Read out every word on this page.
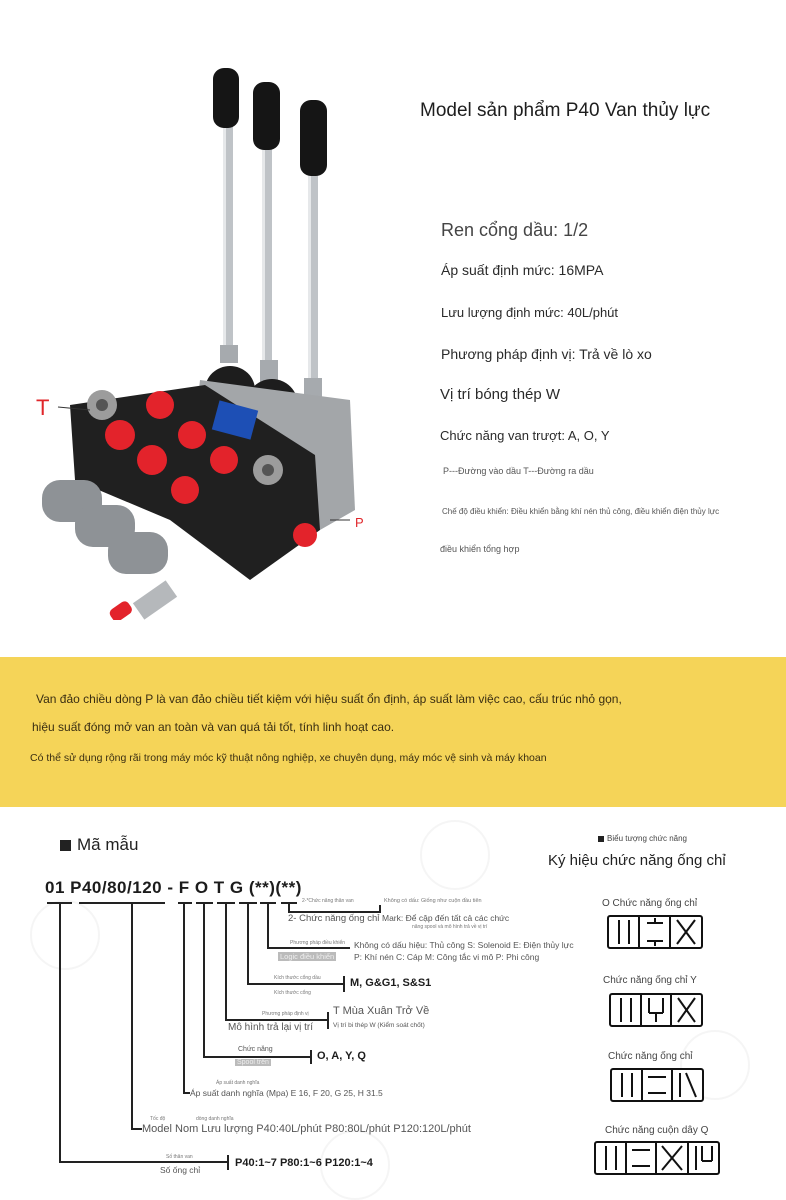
T
P
Model sản phẩm P40 Van thủy lực
Ren cổng dầu: 1/2
Áp suất định mức: 16MPA
Lưu lượng định mức: 40L/phút
Phương pháp định vị: Trả về lò xo
Vị trí bóng thép W
Chức năng van trượt: A, O, Y
P---Đường vào dầu T---Đường ra dầu
Chế độ điều khiển: Điều khiển bằng khí nén thủ công, điều khiển điện thủy lực
điều khiển tổng hợp

Van đảo chiều dòng P là van đảo chiều tiết kiệm với hiệu suất ổn định, áp suất làm việc cao, cấu trúc nhỏ gọn,

hiệu suất đóng mở van an toàn và van quá tải tốt, tính linh hoạt cao.

Có thể sử dụng rộng rãi trong máy móc kỹ thuật nông nghiệp, xe chuyên dụng, máy móc vệ sinh và máy khoan

Mã mẫu
01 P40/80/120 - F O T G (**)(**)
2-*Chức năng thân van
2- Chức năng ống chỉ
Không có dấu: Giống như cuộn đầu tiên
Mark: Để cập đến tất cả các chức
năng spool và mô hình trả về vị trí
Phương pháp điều khiển
Logic điều khiển
Không có dấu hiệu: Thủ công S: Solenoid E: Điện thủy lực
P: Khí nén C: Cáp M: Công tắc vi mô P: Phi công
Kích thước cổng dầu
Kích thước cổng
M, G&G1, S&S1
Phương pháp định vị
Mô hình trả lại vị trí
T Mùa Xuân Trở Về
Vị trí bi thép W (Kiểm soát chốt)
Chức năng
Spool trên
O, A, Y, Q
Áp suất danh nghĩa
Áp suất danh nghĩa (Mpa) E 16, F 20, G 25, H 31.5
Tốc độ	dòng danh nghĩa
Model Nom Lưu lượng P40:40L/phút P80:80L/phút P120:120L/phút
Số thân van
Số ống chỉ
P40:1~7 P80:1~6 P120:1~4
Biểu tượng chức năng
Ký hiệu chức năng ống chỉ
O Chức năng ống chỉ
Chức năng ống chỉ Y
Chức năng ống chỉ
Chức năng cuộn dây Q
